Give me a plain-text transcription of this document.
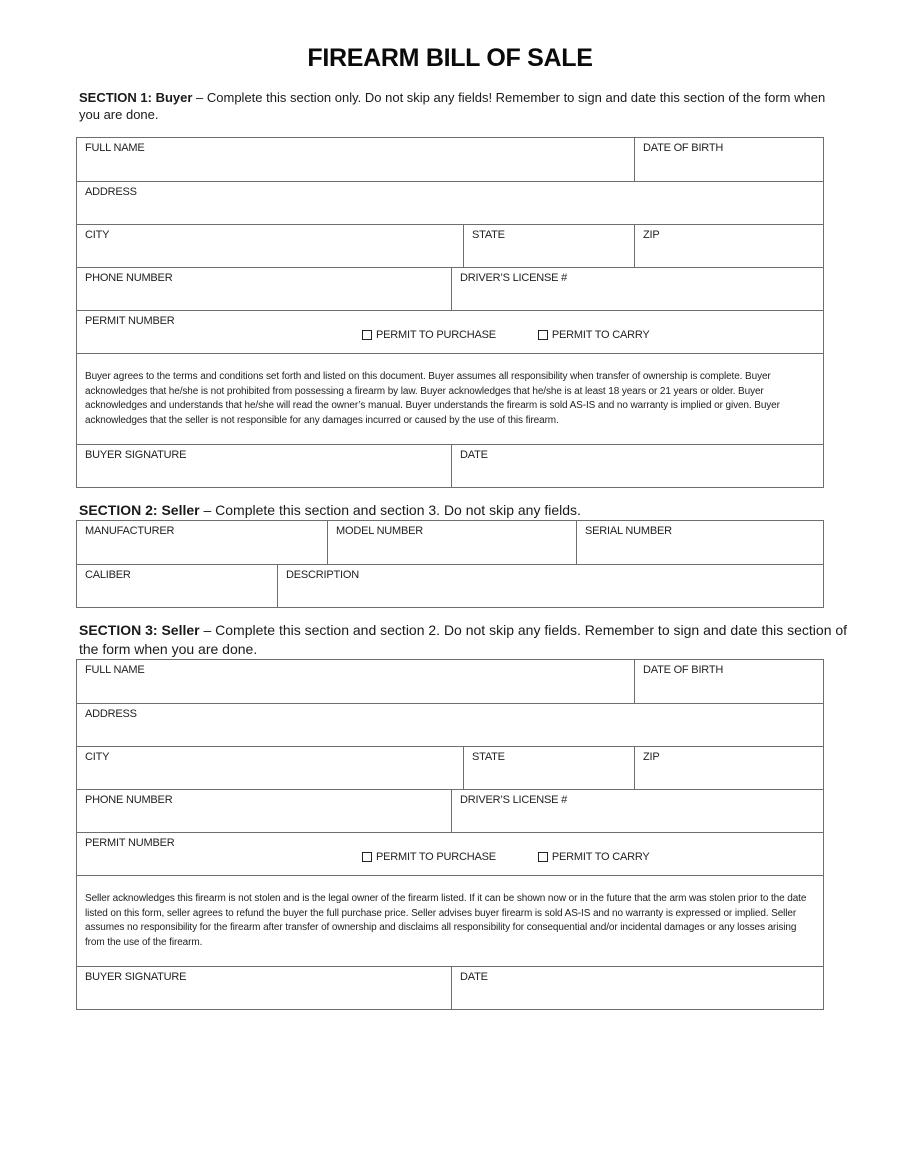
FIREARM BILL OF SALE
SECTION 1: Buyer – Complete this section only. Do not skip any fields! Remember to sign and date this section of the form when you are done.
FULL NAME	DATE OF BIRTH
ADDRESS
CITY	STATE	ZIP
PHONE NUMBER	DRIVER’S LICENSE #
PERMIT NUMBER
PERMIT TO PURCHASE	PERMIT TO CARRY
Buyer agrees to the terms and conditions set forth and listed on this document. Buyer assumes all responsibility when transfer of ownership is complete. Buyer acknowledges that he/she is not prohibited from possessing a firearm by law. Buyer acknowledges that he/she is at least 18 years or 21 years or older. Buyer acknowledges and understands that he/she will read the owner’s manual. Buyer understands the firearm is sold AS-IS and no warranty is implied or given. Buyer acknowledges that the seller is not responsible for any damages incurred or caused by the use of this firearm.
BUYER SIGNATURE	DATE
SECTION 2: Seller – Complete this section and section 3. Do not skip any fields.
MANUFACTURER	MODEL NUMBER	SERIAL NUMBER
CALIBER	DESCRIPTION
SECTION 3: Seller – Complete this section and section 2. Do not skip any fields. Remember to sign and date this section of the form when you are done.
FULL NAME	DATE OF BIRTH
ADDRESS
CITY	STATE	ZIP
PHONE NUMBER	DRIVER’S LICENSE #
PERMIT NUMBER
PERMIT TO PURCHASE	PERMIT TO CARRY
Seller acknowledges this firearm is not stolen and is the legal owner of the firearm listed. If it can be shown now or in the future that the arm was stolen prior to the date listed on this form, seller agrees to refund the buyer the full purchase price. Seller advises buyer firearm is sold AS-IS and no warranty is expressed or implied. Seller assumes no responsibility for the firearm after transfer of ownership and disclaims all responsibility for consequential and/or incidental damages or any losses arising from the use of the firearm.
BUYER SIGNATURE	DATE
